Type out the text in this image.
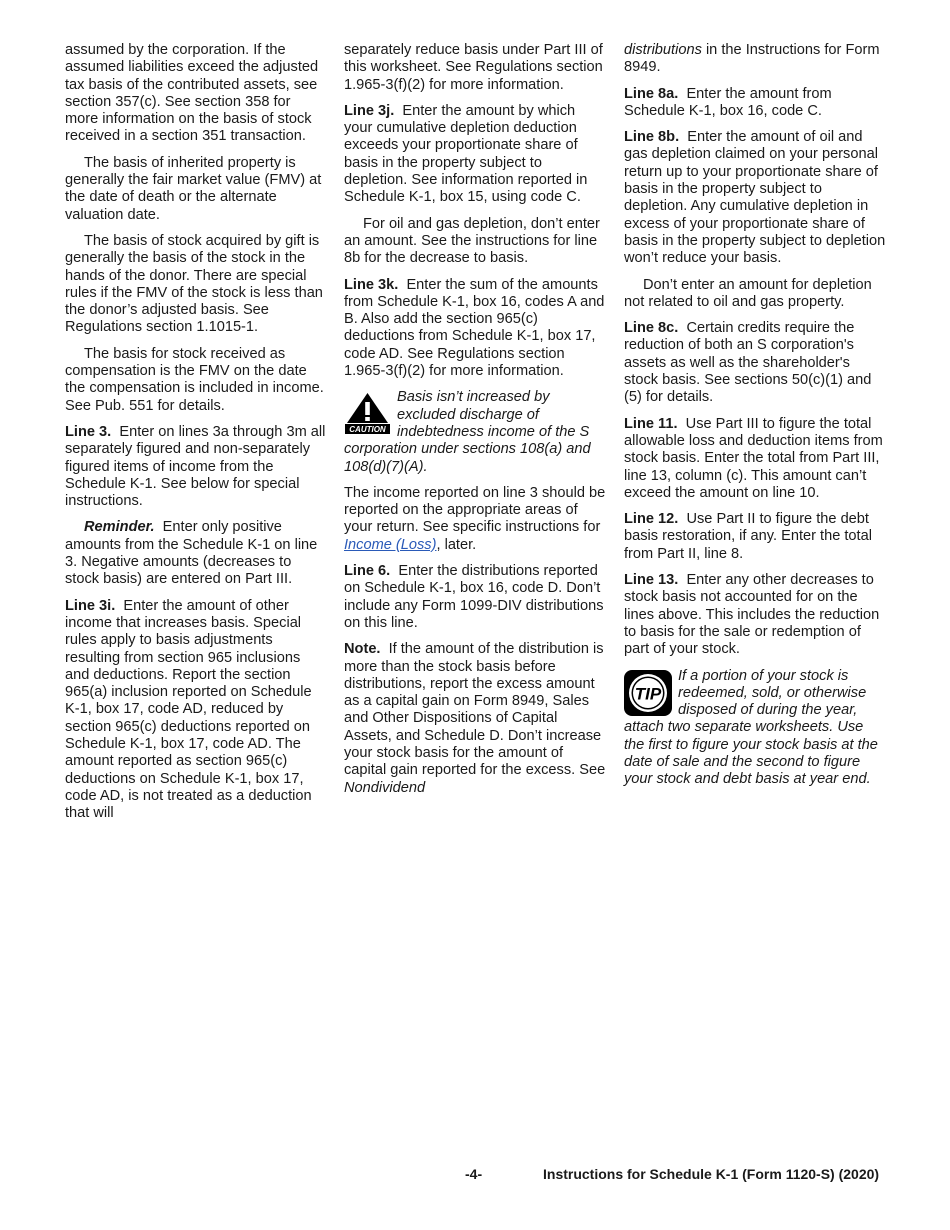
assumed by the corporation. If the assumed liabilities exceed the adjusted tax basis of the contributed assets, see section 357(c). See section 358 for more information on the basis of stock received in a section 351 transaction.

The basis of inherited property is generally the fair market value (FMV) at the date of death or the alternate valuation date.

The basis of stock acquired by gift is generally the basis of the stock in the hands of the donor. There are special rules if the FMV of the stock is less than the donor’s adjusted basis. See Regulations section 1.1015-1.

The basis for stock received as compensation is the FMV on the date the compensation is included in income. See Pub. 551 for details.

Line 3. Enter on lines 3a through 3m all separately figured and non-separately figured items of income from the Schedule K-1. See below for special instructions.

Reminder. Enter only positive amounts from the Schedule K-1 on line 3. Negative amounts (decreases to stock basis) are entered on Part III.

Line 3i. Enter the amount of other income that increases basis. Special rules apply to basis adjustments resulting from section 965 inclusions and deductions. Report the section 965(a) inclusion reported on Schedule K-1, box 17, code AD, reduced by section 965(c) deductions reported on Schedule K-1, box 17, code AD. The amount reported as section 965(c) deductions on Schedule K-1, box 17, code AD, is not treated as a deduction that will

separately reduce basis under Part III of this worksheet. See Regulations section 1.965-3(f)(2) for more information.

Line 3j. Enter the amount by which your cumulative depletion deduction exceeds your proportionate share of basis in the property subject to depletion. See information reported in Schedule K-1, box 15, using code C.

For oil and gas depletion, don’t enter an amount. See the instructions for line 8b for the decrease to basis.

Line 3k. Enter the sum of the amounts from Schedule K-1, box 16, codes A and B. Also add the section 965(c) deductions from Schedule K-1, box 17, code AD. See Regulations section 1.965-3(f)(2) for more information.

CAUTION
Basis isn’t increased by excluded discharge of indebtedness income of the S corporation under sections 108(a) and 108(d)(7)(A).

The income reported on line 3 should be reported on the appropriate areas of your return. See specific instructions for Income (Loss), later.

Line 6. Enter the distributions reported on Schedule K-1, box 16, code D. Don’t include any Form 1099-DIV distributions on this line.

Note. If the amount of the distribution is more than the stock basis before distributions, report the excess amount as a capital gain on Form 8949, Sales and Other Dispositions of Capital Assets, and Schedule D. Don’t increase your stock basis for the amount of capital gain reported for the excess. See Nondividend

distributions in the Instructions for Form 8949.

Line 8a. Enter the amount from Schedule K-1, box 16, code C.

Line 8b. Enter the amount of oil and gas depletion claimed on your personal return up to your proportionate share of basis in the property subject to depletion. Any cumulative depletion in excess of your proportionate share of basis in the property subject to depletion won’t reduce your basis.

Don’t enter an amount for depletion not related to oil and gas property.

Line 8c. Certain credits require the reduction of both an S corporation's assets as well as the shareholder's stock basis. See sections 50(c)(1) and (5) for details.

Line 11. Use Part III to figure the total allowable loss and deduction items from stock basis. Enter the total from Part III, line 13, column (c). This amount can’t exceed the amount on line 10.

Line 12. Use Part II to figure the debt basis restoration, if any. Enter the total from Part II, line 8.

Line 13. Enter any other decreases to stock basis not accounted for on the lines above. This includes the reduction to basis for the sale or redemption of part of your stock.

TIP
If a portion of your stock is redeemed, sold, or otherwise disposed of during the year, attach two separate worksheets. Use the first to figure your stock basis at the date of sale and the second to figure your stock and debt basis at year end.
-4-	Instructions for Schedule K-1 (Form 1120-S) (2020)
